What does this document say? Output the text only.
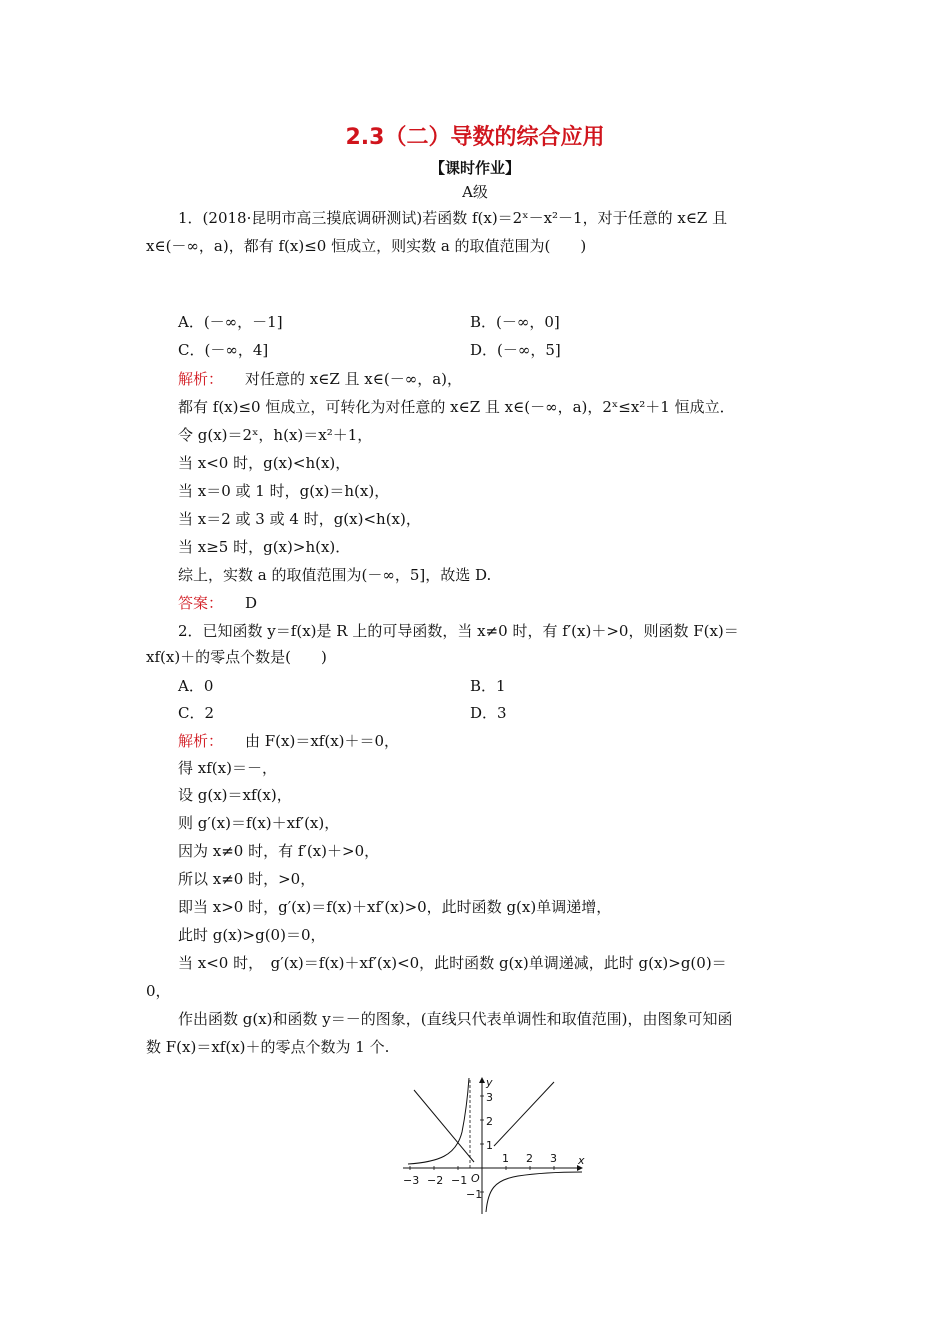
2.3（二）导数的综合应用
【课时作业】
A级
1．(2018·昆明市高三摸底调研测试)若函数 f(x)＝2ˣ－x²－1，对于任意的 x∈Z 且
x∈(－∞，a)，都有 f(x)≤0 恒成立，则实数 a 的取值范围为(　　)
A．(－∞，－1]	B．(－∞，0]
C．(－∞，4]	D．(－∞，5]
解析： 对任意的 x∈Z 且 x∈(－∞，a)，
都有 f(x)≤0 恒成立，可转化为对任意的 x∈Z 且 x∈(－∞，a)，2ˣ≤x²＋1 恒成立．
令 g(x)＝2ˣ，h(x)＝x²＋1，
当 x<0 时，g(x)<h(x)，
当 x＝0 或 1 时，g(x)＝h(x)，
当 x＝2 或 3 或 4 时，g(x)<h(x)，
当 x≥5 时，g(x)>h(x)．
综上，实数 a 的取值范围为(－∞，5]，故选 D.
答案： D
2．已知函数 y＝f(x)是 R 上的可导函数，当 x≠0 时，有 f′(x)＋>0，则函数 F(x)＝
xf(x)＋的零点个数是(　　)
A．0	B．1
C．2	D．3
解析： 由 F(x)＝xf(x)＋＝0，
得 xf(x)＝－，
设 g(x)＝xf(x)，
则 g′(x)＝f(x)＋xf′(x)，
因为 x≠0 时，有 f′(x)＋>0，
所以 x≠0 时，>0，
即当 x>0 时，g′(x)＝f(x)＋xf′(x)>0，此时函数 g(x)单调递增，
此时 g(x)>g(0)＝0，
当 x<0 时，　g′(x)＝f(x)＋xf′(x)<0，此时函数 g(x)单调递减，此时 g(x)>g(0)＝
0，
作出函数 g(x)和函数 y＝－的图象，(直线只代表单调性和取值范围)，由图象可知函
数 F(x)＝xf(x)＋的零点个数为 1 个.
x
y
O
−3 −2 −1
1 2 3
3
2
1
−1
